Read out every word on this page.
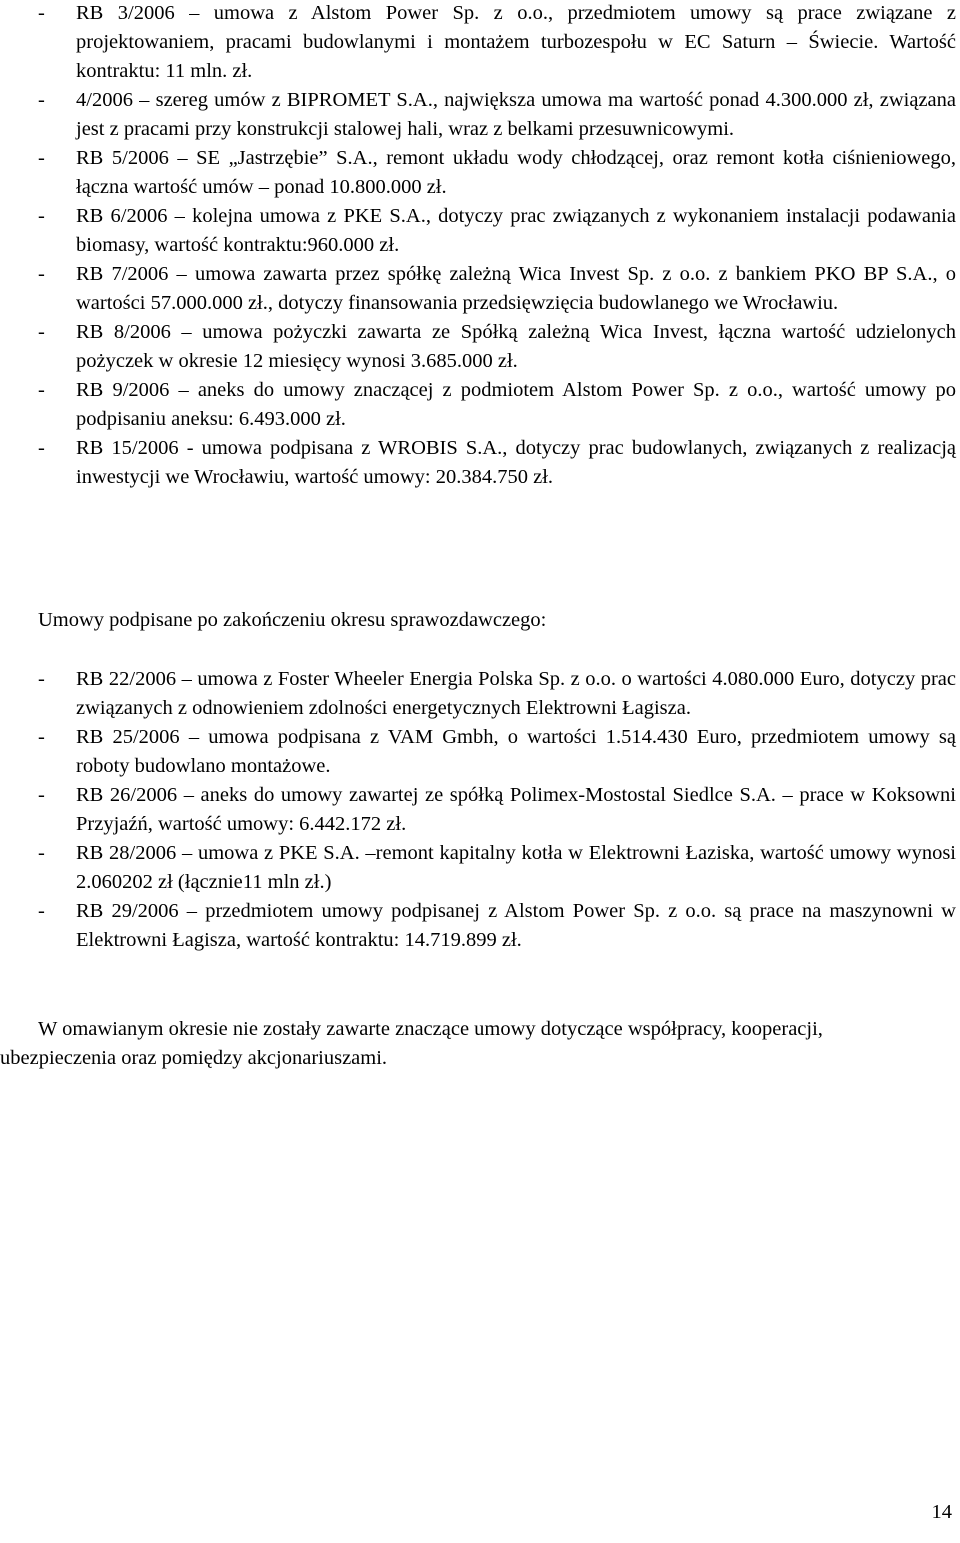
- RB 3/2006 – umowa z Alstom Power Sp. z o.o., przedmiotem umowy są prace związane z projektowaniem, pracami budowlanymi i montażem turbozespołu w EC Saturn – Świecie. Wartość kontraktu: 11 mln. zł.
- 4/2006 – szereg umów z BIPROMET S.A., największa umowa ma wartość ponad 4.300.000 zł, związana jest z pracami przy konstrukcji stalowej hali, wraz z belkami przesuwnicowymi.
- RB 5/2006 – SE „Jastrzębie” S.A., remont układu wody chłodzącej, oraz remont kotła ciśnieniowego, łączna wartość umów – ponad 10.800.000 zł.
- RB 6/2006 – kolejna umowa z PKE S.A., dotyczy prac związanych z wykonaniem instalacji podawania biomasy, wartość kontraktu:960.000 zł.
- RB 7/2006 – umowa zawarta przez spółkę zależną Wica Invest Sp. z o.o. z bankiem PKO BP S.A., o wartości 57.000.000 zł., dotyczy finansowania przedsięwzięcia budowlanego we Wrocławiu.
- RB 8/2006 – umowa pożyczki zawarta ze Spółką zależną Wica Invest, łączna wartość udzielonych pożyczek w okresie 12 miesięcy wynosi 3.685.000 zł.
- RB 9/2006 – aneks do umowy znaczącej z podmiotem Alstom Power Sp. z o.o., wartość umowy po podpisaniu aneksu: 6.493.000 zł.
- RB 15/2006 - umowa podpisana z WROBIS S.A., dotyczy prac budowlanych, związanych z realizacją inwestycji we Wrocławiu, wartość umowy: 20.384.750 zł.
Umowy podpisane po zakończeniu okresu sprawozdawczego:
- RB 22/2006 – umowa z Foster Wheeler Energia Polska Sp. z o.o. o wartości 4.080.000 Euro, dotyczy prac związanych z odnowieniem zdolności energetycznych Elektrowni Łagisza.
- RB 25/2006 – umowa podpisana z VAM Gmbh, o wartości 1.514.430 Euro, przedmiotem umowy są roboty budowlano montażowe.
- RB 26/2006 – aneks do umowy zawartej ze spółką Polimex-Mostostal Siedlce S.A. – prace w Koksowni Przyjaźń, wartość umowy: 6.442.172 zł.
- RB 28/2006 – umowa z PKE S.A. –remont kapitalny kotła w Elektrowni Łaziska, wartość umowy wynosi 2.060202 zł (łącznie11 mln zł.)
- RB 29/2006 – przedmiotem umowy podpisanej z Alstom Power Sp. z o.o. są prace na maszynowni w Elektrowni Łagisza, wartość kontraktu: 14.719.899 zł.

W omawianym okresie nie zostały zawarte znaczące umowy dotyczące współpracy, kooperacji, ubezpieczenia oraz pomiędzy akcjonariuszami.

14
